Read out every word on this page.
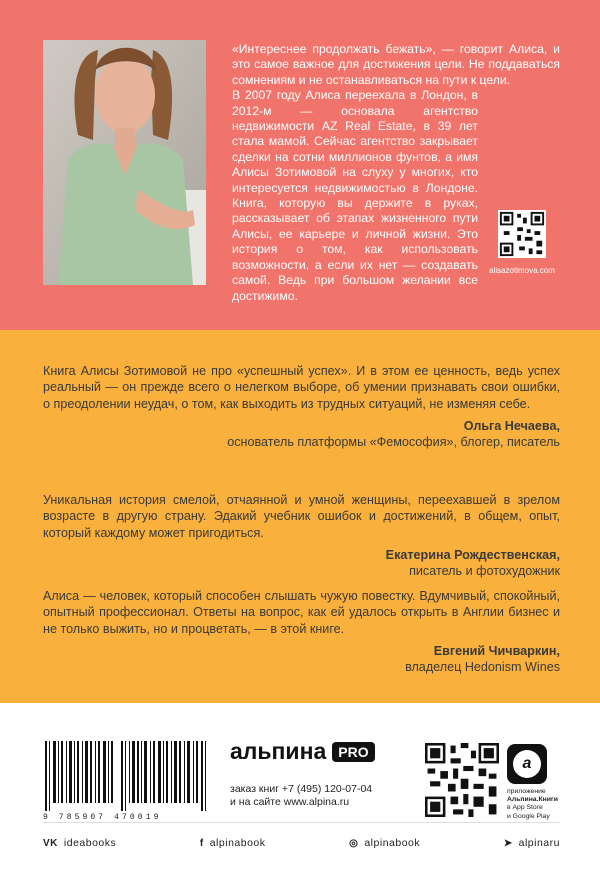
«Интереснее продолжать бежать», — говорит Алиса, и это самое важное для достижения цели. Не поддаваться сомнениям и не останавливаться на пути к цели.

В 2007 году Алиса переехала в Лондон, в 2012-м — основала агентство недвижимости AZ Real Estate, в 39 лет стала мамой. Сейчас агентство закрывает сделки на сотни миллионов фунтов, а имя Алисы Зотимовой на слуху у многих, кто интересуется недвижимостью в Лондоне. Книга, которую вы держите в руках, рассказывает об этапах жизненного пути Алисы, ее карьере и личной жизни. Это история о том, как использовать возможности, а если их нет — создавать самой. Ведь при большом желании все достижимо.

alisazotimova.com

Книга Алисы Зотимовой не про «успешный успех». И в этом ее ценность, ведь успех реальный — он прежде всего о нелегком выборе, об умении признавать свои ошибки, о преодолении неудач, о том, как выходить из трудных ситуаций, не изменяя себе.

Ольга Нечаева,

основатель платформы «Фемософия», блогер, писатель

Уникальная история смелой, отчаянной и умной женщины, переехавшей в зрелом возрасте в другую страну. Эдакий учебник ошибок и достижений, в общем, опыт, который каждому может пригодиться.

Екатерина Рождественская,

писатель и фотохудожник

Алиса — человек, который способен слышать чужую повестку. Вдумчивый, спокойный, опытный профессионал. Ответы на вопрос, как ей удалось открыть в Англии бизнес и не только выжить, но и процветать, — в этой книге.

Евгений Чичваркин,

владелец Hedonism Wines

9 785907 470019
альпина PRO
заказ книг +7 (495) 120-07-04
и на сайте www.alpina.ru
a
приложение
Альпина.Книги
в App Store
и Google Play
VK ideabooks	f alpinabook	◎ alpinabook	➤ alpinaru
